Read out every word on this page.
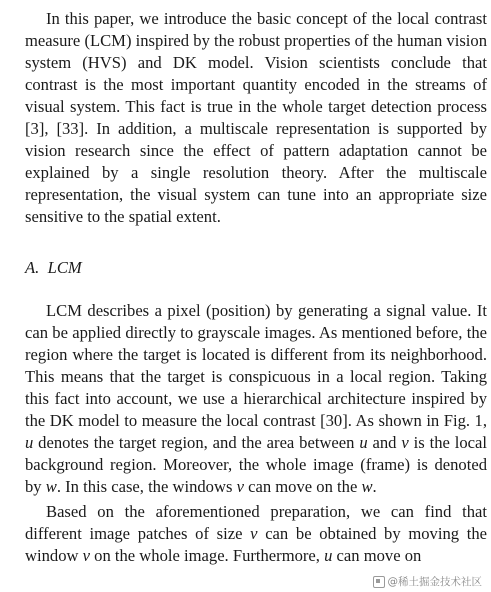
In this paper, we introduce the basic concept of the local contrast measure (LCM) inspired by the robust properties of the human vision system (HVS) and DK model. Vision scientists conclude that contrast is the most important quantity encoded in the streams of visual system. This fact is true in the whole target detection process [3], [33]. In addition, a multiscale representation is supported by vision research since the effect of pattern adaptation cannot be explained by a single resolution theory. After the multiscale representation, the visual system can tune into an appropriate size sensitive to the spatial extent.

A. LCM

LCM describes a pixel (position) by generating a signal value. It can be applied directly to grayscale images. As mentioned before, the region where the target is located is different from its neighborhood. This means that the target is conspicuous in a local region. Taking this fact into account, we use a hierarchical architecture inspired by the DK model to measure the local contrast [30]. As shown in Fig. 1, u denotes the target region, and the area between u and v is the local background region. Moreover, the whole image (frame) is denoted by w. In this case, the windows v can move on the w.

Based on the aforementioned preparation, we can find that different image patches of size v can be obtained by moving the window v on the whole image. Furthermore, u can move on

@稀土掘金技术社区
